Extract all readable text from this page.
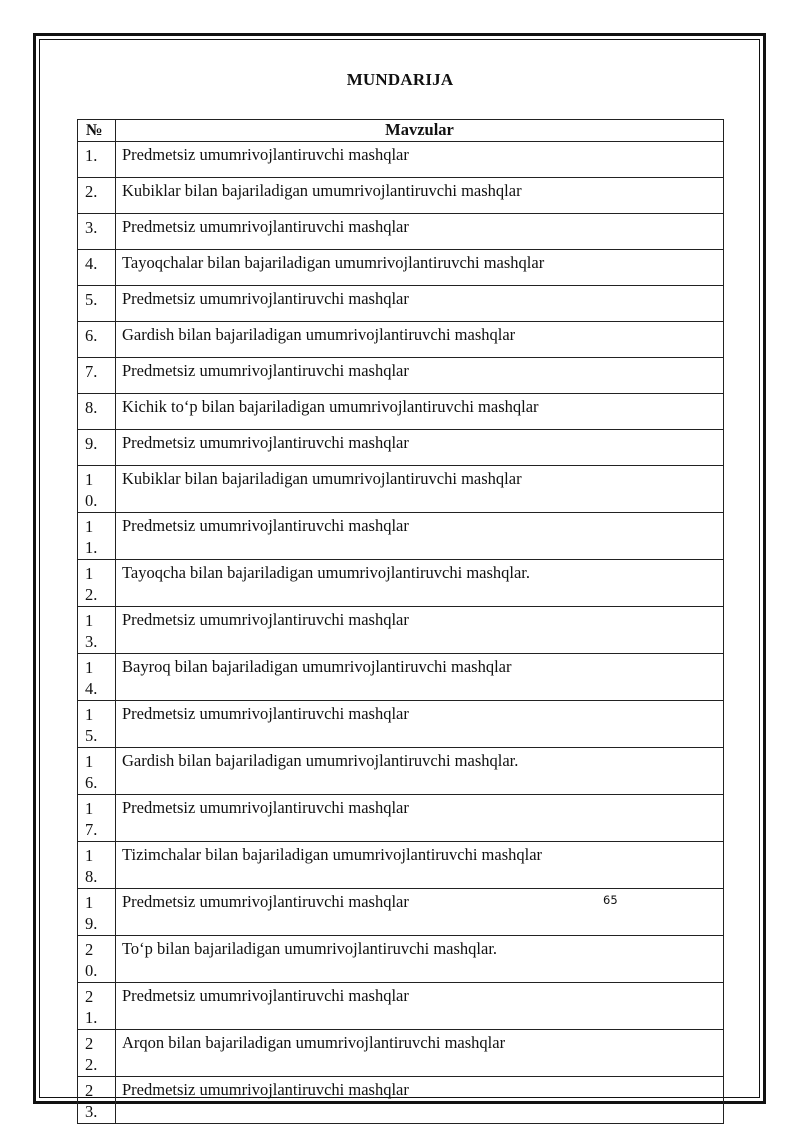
MUNDARIJA
№	Mavzular

1.	Predmetsiz umumrivojlantiruvchi mashqlar

2.	Kubiklar bilan bajariladigan umumrivojlantiruvchi mashqlar

3.	Predmetsiz umumrivojlantiruvchi mashqlar

4.	Tayoqchalar bilan bajariladigan umumrivojlantiruvchi mashqlar

5.	Predmetsiz umumrivojlantiruvchi mashqlar

6.	Gardish bilan bajariladigan umumrivojlantiruvchi mashqlar

7.	Predmetsiz umumrivojlantiruvchi mashqlar

8.	Kichik to‘p bilan bajariladigan umumrivojlantiruvchi mashqlar

9.	Predmetsiz umumrivojlantiruvchi mashqlar

10.	Kubiklar bilan bajariladigan umumrivojlantiruvchi mashqlar

11.	Predmetsiz umumrivojlantiruvchi mashqlar

12.	Tayoqcha bilan bajariladigan umumrivojlantiruvchi mashqlar.

13.	Predmetsiz umumrivojlantiruvchi mashqlar

14.	Bayroq bilan bajariladigan umumrivojlantiruvchi mashqlar

15.	Predmetsiz umumrivojlantiruvchi mashqlar

16.	Gardish bilan bajariladigan umumrivojlantiruvchi mashqlar.

17.	Predmetsiz umumrivojlantiruvchi mashqlar

18.	Tizimchalar bilan bajariladigan umumrivojlantiruvchi mashqlar

19.	Predmetsiz umumrivojlantiruvchi mashqlar

20.	To‘p bilan bajariladigan umumrivojlantiruvchi mashqlar.

21.	Predmetsiz umumrivojlantiruvchi mashqlar

22.	Arqon bilan bajariladigan umumrivojlantiruvchi mashqlar

23.	Predmetsiz umumrivojlantiruvchi mashqlar
65
